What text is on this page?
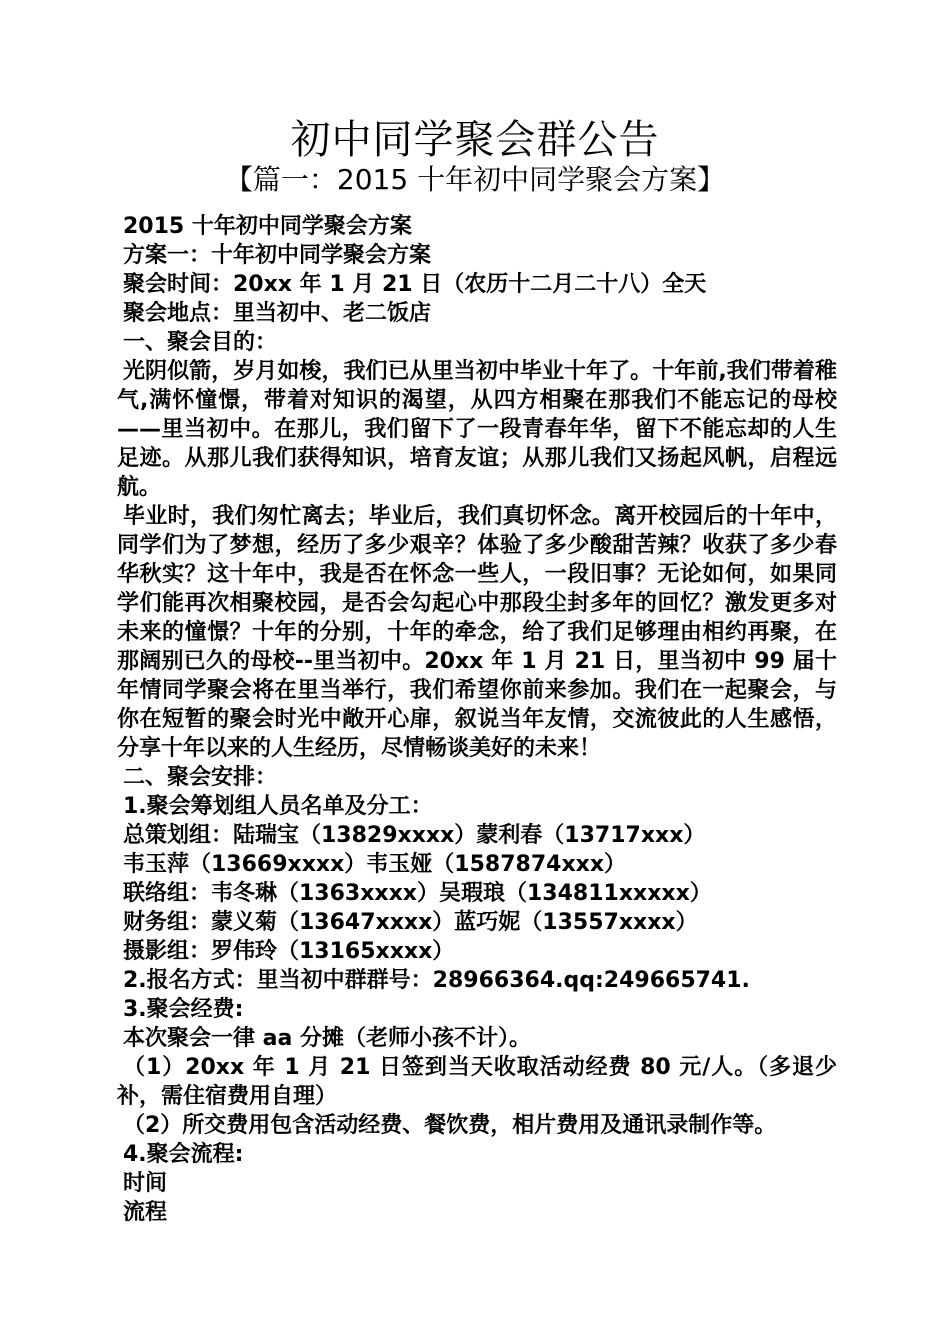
初中同学聚会群公告
【篇一：2015 十年初中同学聚会方案】

2015 十年初中同学聚会方案

方案一：十年初中同学聚会方案

聚会时间：20xx 年 1 月 21 日（农历十二月二十八）全天

聚会地点：里当初中、老二饭店

一、聚会目的：

光阴似箭，岁月如梭，我们已从里当初中毕业十年了。十年前,我们带着稚气,满怀憧憬，带着对知识的渴望，从四方相聚在那我们不能忘记的母校——里当初中。在那儿，我们留下了一段青春年华，留下不能忘却的人生足迹。从那儿我们获得知识，培育友谊；从那儿我们又扬起风帆，启程远航。

毕业时，我们匆忙离去；毕业后，我们真切怀念。离开校园后的十年中，同学们为了梦想，经历了多少艰辛？体验了多少酸甜苦辣？收获了多少春华秋实？这十年中，我是否在怀念一些人，一段旧事？无论如何，如果同学们能再次相聚校园，是否会勾起心中那段尘封多年的回忆？激发更多对未来的憧憬？十年的分别，十年的牵念，给了我们足够理由相约再聚，在那阔别已久的母校--里当初中。20xx 年 1 月 21 日，里当初中 99 届十年情同学聚会将在里当举行，我们希望你前来参加。我们在一起聚会，与你在短暂的聚会时光中敞开心扉，叙说当年友情，交流彼此的人生感悟，分享十年以来的人生经历，尽情畅谈美好的未来！

二、聚会安排：

1.聚会筹划组人员名单及分工：

总策划组：陆瑞宝（13829xxxx）蒙利春（13717xxx）

韦玉萍（13669xxxx）韦玉娅（1587874xxx）

联络组：韦冬琳（1363xxxx）吴瑕琅（134811xxxxx）

财务组：蒙义菊（13647xxxx）蓝巧妮（13557xxxx）

摄影组：罗伟玲（13165xxxx）

2.报名方式：里当初中群群号：28966364.qq:249665741.

3.聚会经费:

本次聚会一律 aa 分摊（老师小孩不计）。

（1）20xx 年 1 月 21 日签到当天收取活动经费 80 元/人。（多退少补，需住宿费用自理）

（2）所交费用包含活动经费、餐饮费，相片费用及通讯录制作等。

4.聚会流程:

时间

流程
